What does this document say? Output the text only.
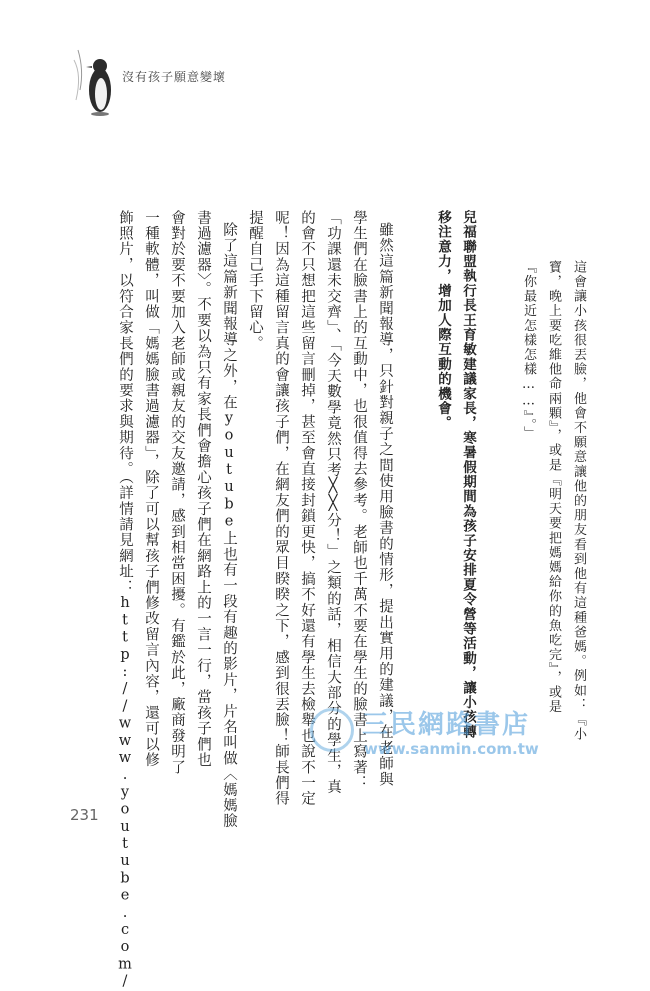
沒有孩子願意變壞
這會讓小孩很丟臉，他會不願意讓他的朋友看到他有這種爸媽。例如：『小
寶，晚上要吃維他命兩顆』，或是『明天要把媽媽給你的魚吃完』，或是
『你最近怎樣怎樣……』。」
兒福聯盟執行長王育敏建議家長，寒暑假期間為孩子安排夏令營等活動，讓小孩轉
移注意力，增加人際互動的機會。
雖然這篇新聞報導，只針對親子之間使用臉書的情形，提出實用的建議，在老師與
學生們在臉書上的互動中，也很值得去參考。老師也千萬不要在學生的臉書上寫著：
「功課還未交齊」、「今天數學竟然只考╳╳分！」之類的話，相信大部分的學生，真
的會不只想把這些留言刪掉，甚至會直接封鎖更快，搞不好還有學生去檢舉也說不一定
呢！因為這種留言真的會讓孩子們，在網友們的眾目睽睽之下，感到很丟臉！師長們得
提醒自己手下留心。
除了這篇新聞報導之外，在youtube上也有一段有趣的影片，片名叫做〈媽媽臉
書過濾器〉。不要以為只有家長們會擔心孩子們在網路上的一言一行，當孩子們也
會對於要不要加入老師或親友的交友邀請，感到相當困擾。有鑑於此，廠商發明了
一種軟體，叫做「媽媽臉書過濾器」，除了可以幫孩子們修改留言內容，還可以修
飾照片，以符合家長們的要求與期待。（詳情請見網址：http://www.youtube.com/	三民網路書店
www.sanmin.com.tw
231
